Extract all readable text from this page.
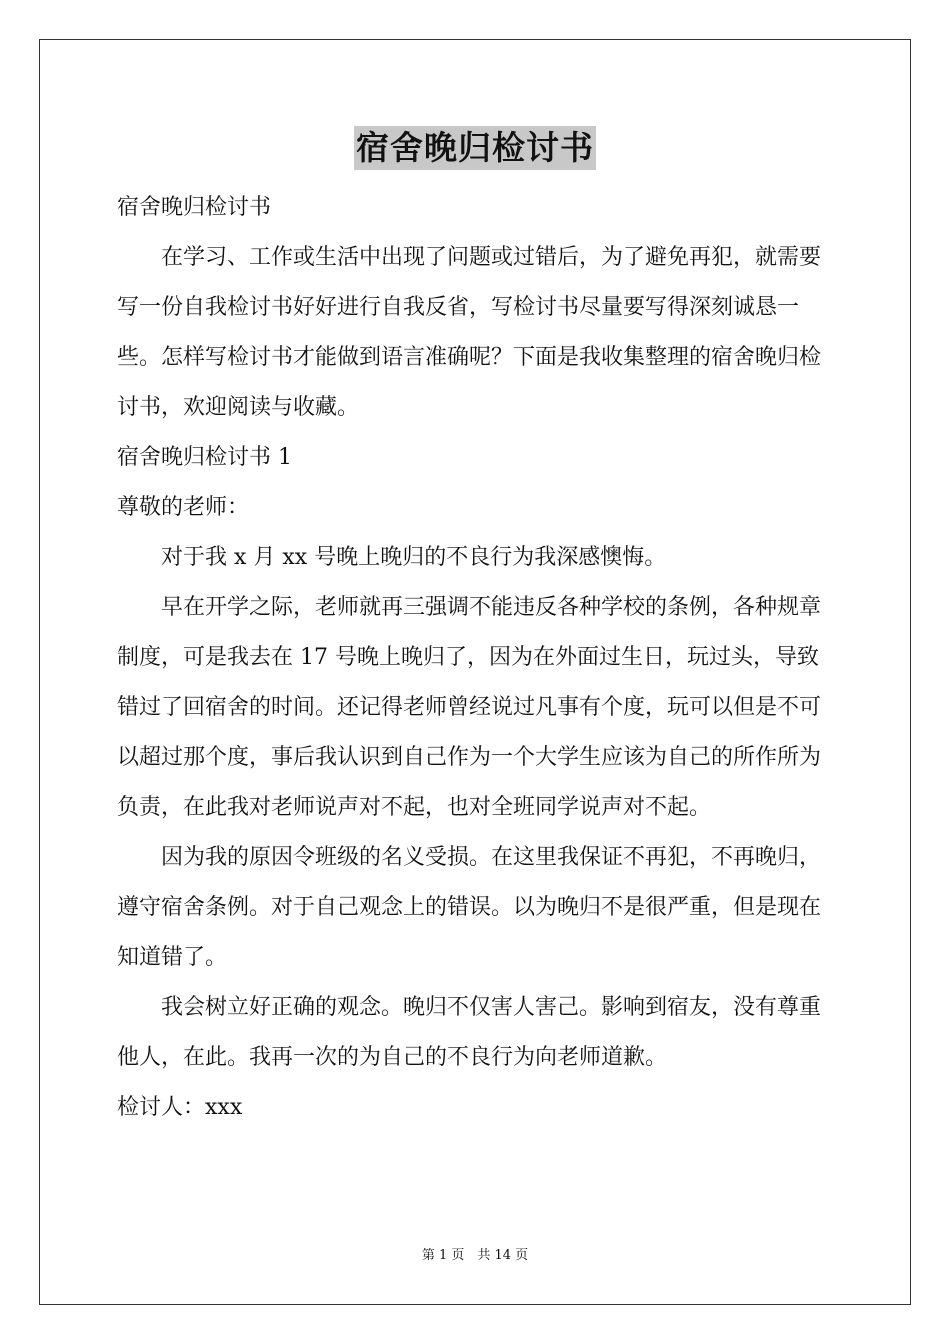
宿舍晚归检讨书

宿舍晚归检讨书

在学习、工作或生活中出现了问题或过错后，为了避免再犯，就需要写一份自我检讨书好好进行自我反省，写检讨书尽量要写得深刻诚恳一些。怎样写检讨书才能做到语言准确呢？下面是我收集整理的宿舍晚归检讨书，欢迎阅读与收藏。

宿舍晚归检讨书 1

尊敬的老师：

对于我 x 月 xx 号晚上晚归的不良行为我深感懊悔。

早在开学之际，老师就再三强调不能违反各种学校的条例，各种规章制度，可是我去在 17 号晚上晚归了，因为在外面过生日，玩过头，导致错过了回宿舍的时间。还记得老师曾经说过凡事有个度，玩可以但是不可以超过那个度，事后我认识到自己作为一个大学生应该为自己的所作所为负责，在此我对老师说声对不起，也对全班同学说声对不起。

因为我的原因令班级的名义受损。在这里我保证不再犯，不再晚归，遵守宿舍条例。对于自己观念上的错误。以为晚归不是很严重，但是现在知道错了。

我会树立好正确的观念。晚归不仅害人害己。影响到宿友，没有尊重他人，在此。我再一次的为自己的不良行为向老师道歉。

检讨人：xxx

第 1 页　共 14 页
